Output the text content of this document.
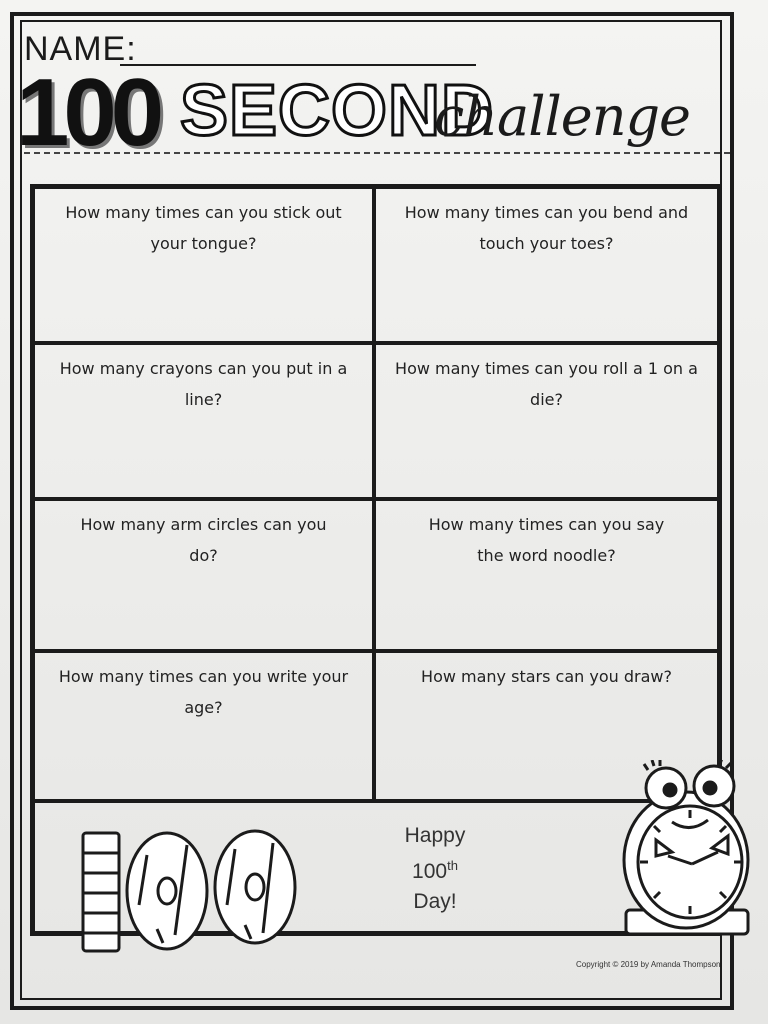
NAME:
100 SECOND
challenge
How many times can you stick out your tongue?
How many times can you bend and touch your toes?
How many crayons can you put in a line?
How many times can you roll a 1 on a die?
How many arm circles can you do?
How many times can you say the word noodle?
How many times can you write your age?
How many stars can you draw?
Happy
100th
Day!
Copyright © 2019 by Amanda Thompson
